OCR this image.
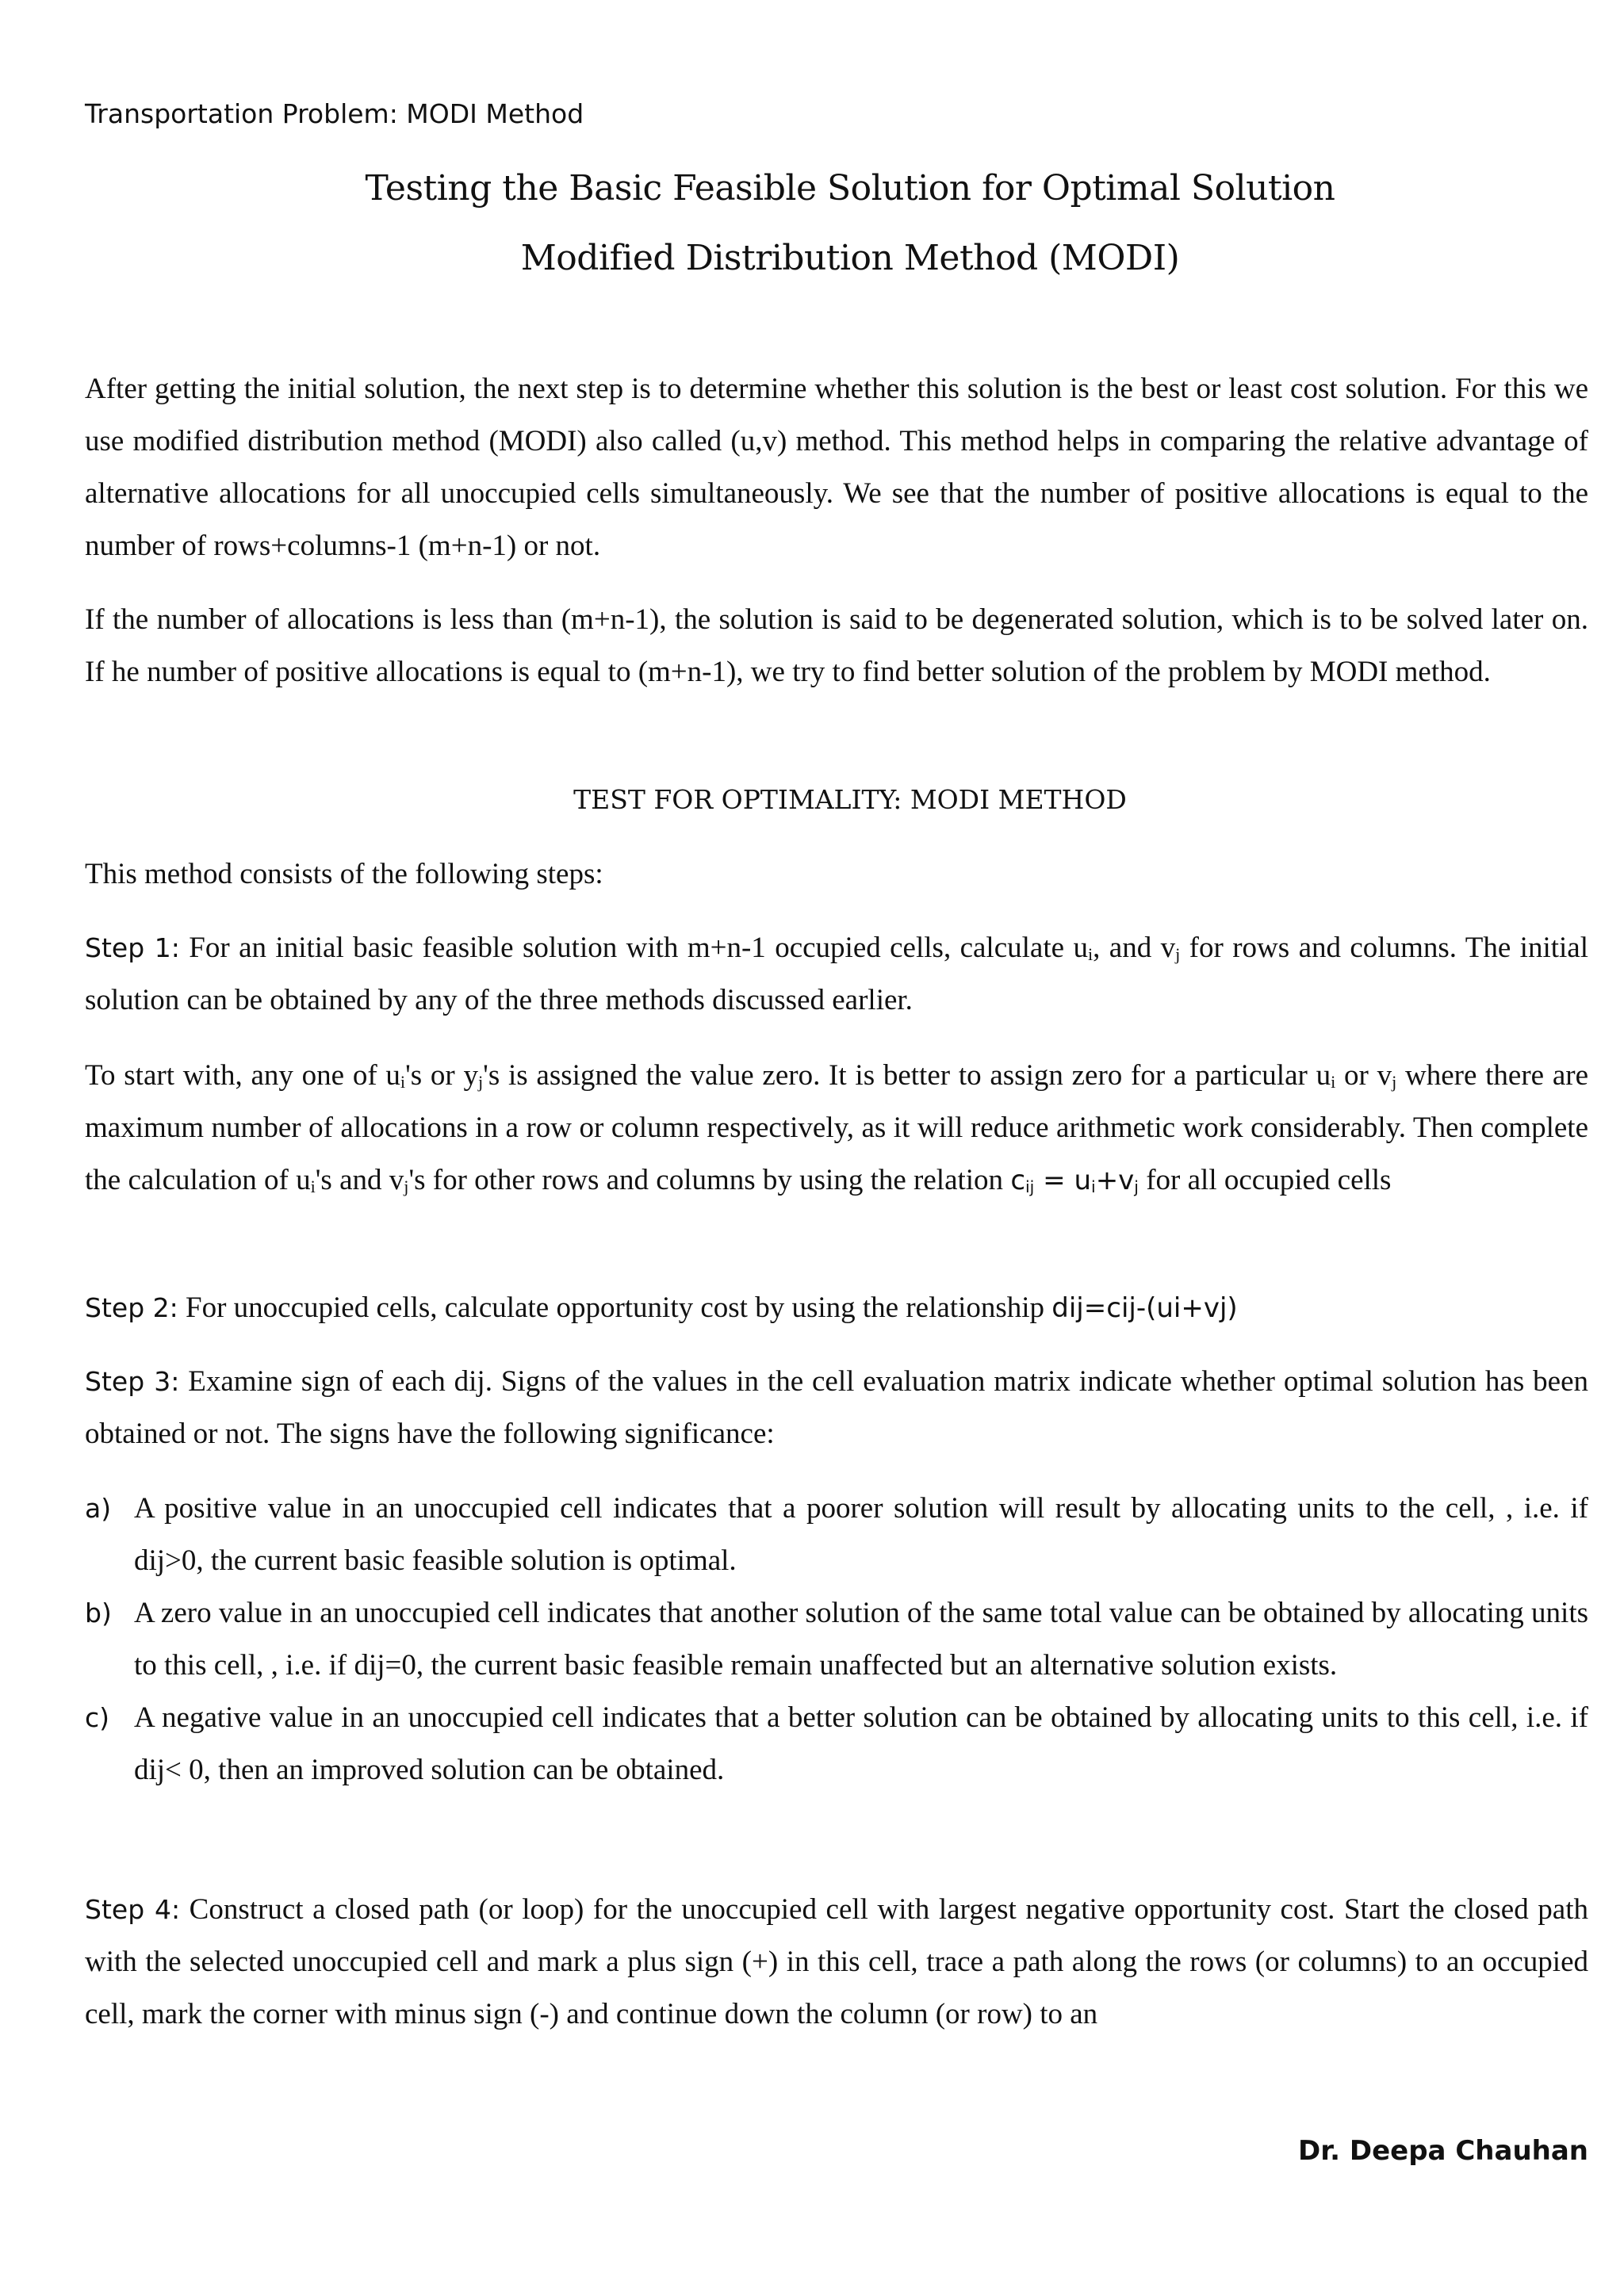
Transportation Problem: MODI Method
Testing the Basic Feasible Solution for Optimal Solution
Modified Distribution Method (MODI)
After getting the initial solution, the next step is to determine whether this solution is the best or least cost solution. For this we use modified distribution method (MODI) also called (u,v) method. This method helps in comparing the relative advantage of alternative allocations for all unoccupied cells simultaneously. We see that the number of positive allocations is equal to the number of rows+columns-1 (m+n-1) or not.
If the number of allocations is less than (m+n-1), the solution is said to be degenerated solution, which is to be solved later on. If he number of positive allocations is equal to (m+n-1), we try to find better solution of the problem by MODI method.
TEST FOR OPTIMALITY: MODI METHOD
This method consists of the following steps:
Step 1: For an initial basic feasible solution with m+n-1 occupied cells, calculate $u_i$, and $v_j$ for rows and columns. The initial solution can be obtained by any of the three methods discussed earlier.
To start with, any one of $u_i's$ or $y_j's$ is assigned the value zero. It is better to assign zero for a particular $u_i$ or $v_j$ where there are maximum number of allocations in a row or column respectively, as it will reduce arithmetic work considerably. Then complete the calculation of $u_i's$ and $v_j's$ for other rows and columns by using the relation $c_{ij} = u_i+v_j$ for all occupied cells
Step 2: For unoccupied cells, calculate opportunity cost by using the relationship dij=cij-(ui+vj)
Step 3: Examine sign of each dij. Signs of the values in the cell evaluation matrix indicate whether optimal solution has been obtained or not. The signs have the following significance:
a) A positive value in an unoccupied cell indicates that a poorer solution will result by allocating units to the cell, , i.e. if dij>0, the current basic feasible solution is optimal.
b) A zero value in an unoccupied cell indicates that another solution of the same total value can be obtained by allocating units to this cell, , i.e. if dij=0, the current basic feasible remain unaffected but an alternative solution exists.
c) A negative value in an unoccupied cell indicates that a better solution can be obtained by allocating units to this cell, i.e. if dij< 0, then an improved solution can be obtained.
Step 4: Construct a closed path (or loop) for the unoccupied cell with largest negative opportunity cost. Start the closed path with the selected unoccupied cell and mark a plus sign (+) in this cell, trace a path along the rows (or columns) to an occupied cell, mark the corner with minus sign (-) and continue down the column (or row) to an
Dr. Deepa Chauhan
